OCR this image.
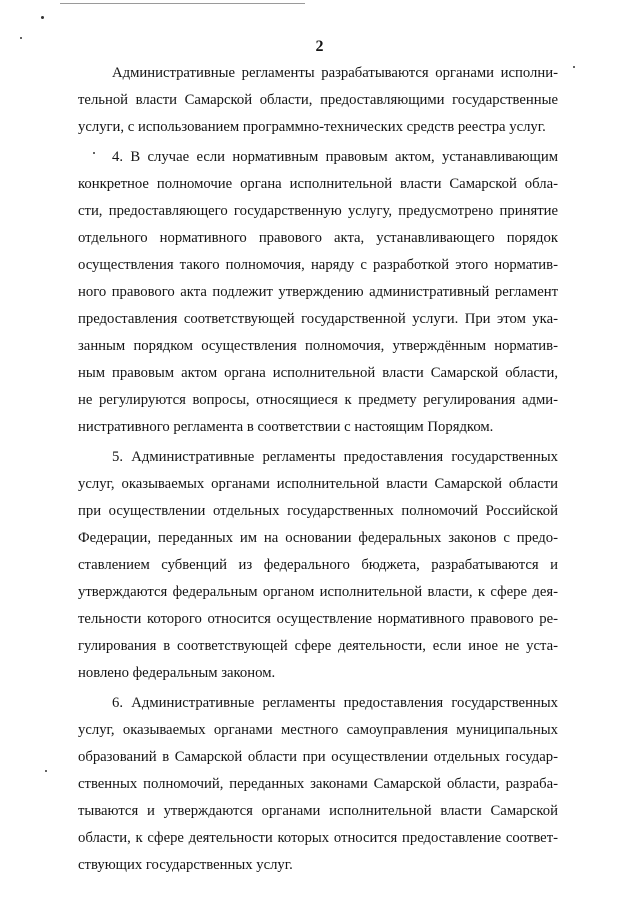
2
Административные регламенты разрабатываются органами исполни-
тельной власти Самарской области, предоставляющими государственные
услуги, с использованием программно-технических средств реестра услуг.
4. В случае если нормативным правовым актом, устанавливающим
конкретное полномочие органа исполнительной власти Самарской обла-
сти, предоставляющего государственную услугу, предусмотрено принятие
отдельного нормативного правового акта, устанавливающего порядок
осуществления такого полномочия, наряду с разработкой этого норматив-
ного правового акта подлежит утверждению административный регламент
предоставления соответствующей государственной услуги. При этом ука-
занным порядком осуществления полномочия, утверждённым норматив-
ным правовым актом органа исполнительной власти Самарской области,
не регулируются вопросы, относящиеся к предмету регулирования адми-
нистративного регламента в соответствии с настоящим Порядком.
5. Административные регламенты предоставления государственных
услуг, оказываемых органами исполнительной власти Самарской области
при осуществлении отдельных государственных полномочий Российской
Федерации, переданных им на основании федеральных законов с предо-
ставлением субвенций из федерального бюджета, разрабатываются и
утверждаются федеральным органом исполнительной власти, к сфере дея-
тельности которого относится осуществление нормативного правового ре-
гулирования в соответствующей сфере деятельности, если иное не уста-
новлено федеральным законом.
6. Административные регламенты предоставления государственных
услуг, оказываемых органами местного самоуправления муниципальных
образований в Самарской области при осуществлении отдельных государ-
ственных полномочий, переданных законами Самарской области, разраба-
тываются и утверждаются органами исполнительной власти Самарской
области, к сфере деятельности которых относится предоставление соответ-
ствующих государственных услуг.
